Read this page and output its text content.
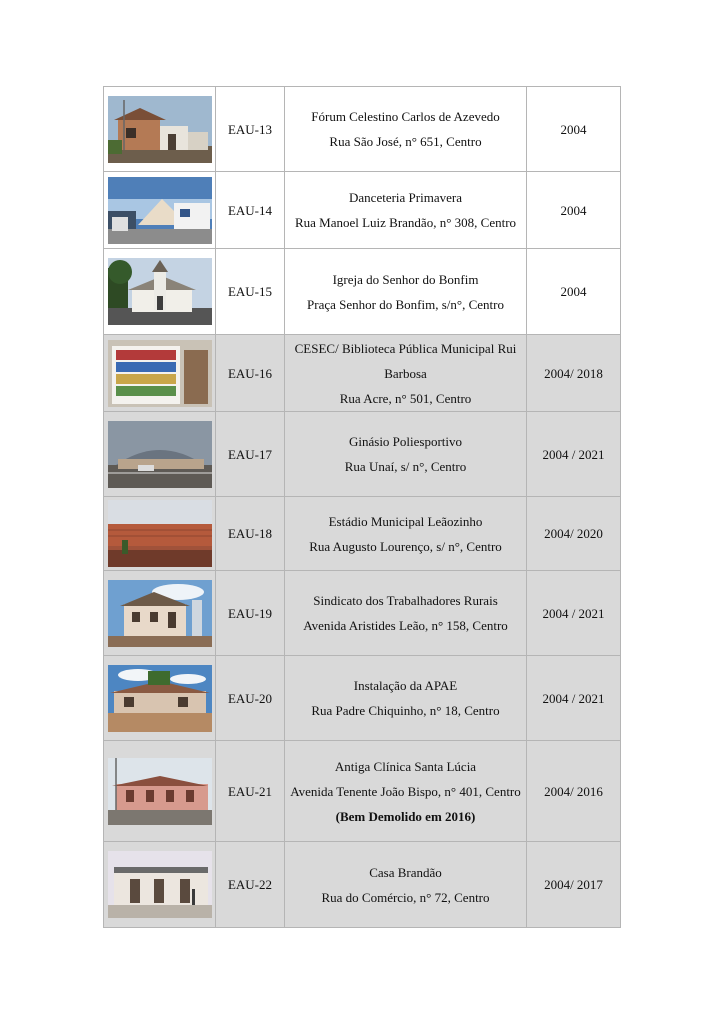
	EAU-13	Fórum Celestino Carlos de Azevedo
Rua São José, n° 651, Centro	2004

	EAU-14	Danceteria Primavera
Rua Manoel Luiz Brandão, n° 308, Centro	2004

	EAU-15	Igreja do Senhor do Bonfim
Praça Senhor do Bonfim, s/n°, Centro	2004

	EAU-16	CESEC/ Biblioteca Pública Municipal Rui Barbosa
Rua Acre, n° 501, Centro	2004/ 2018

	EAU-17	Ginásio Poliesportivo
Rua Unaí, s/ n°, Centro	2004 / 2021

	EAU-18	Estádio Municipal Leãozinho
Rua Augusto Lourenço, s/ n°, Centro	2004/ 2020

	EAU-19	Sindicato dos Trabalhadores Rurais
Avenida Aristides Leão, n° 158, Centro	2004 / 2021

	EAU-20	Instalação da APAE
Rua Padre Chiquinho, n° 18, Centro	2004 / 2021

	EAU-21	Antiga Clínica Santa Lúcia
Avenida Tenente João Bispo, n° 401, Centro
(Bem Demolido em 2016)	2004/ 2016

	EAU-22	Casa Brandão
Rua do Comércio, n° 72, Centro	2004/ 2017
